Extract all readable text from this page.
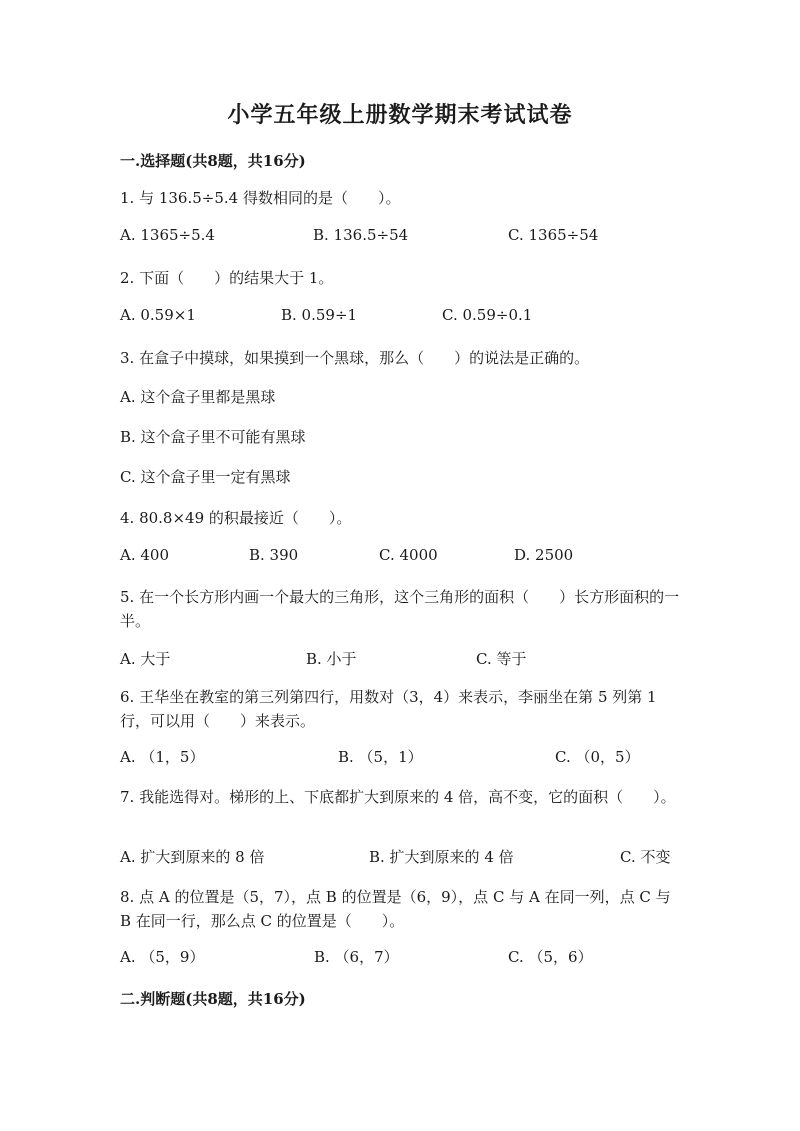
小学五年级上册数学期末考试试卷
一.选择题(共8题，共16分)
1. 与 136.5÷5.4 得数相同的是（　　）。
A. 1365÷5.4	B. 136.5÷54	C. 1365÷54
2. 下面（　　）的结果大于 1。
A. 0.59×1	B. 0.59÷1	C. 0.59÷0.1
3. 在盒子中摸球，如果摸到一个黑球，那么（　　）的说法是正确的。
A. 这个盒子里都是黑球
B. 这个盒子里不可能有黑球
C. 这个盒子里一定有黑球
4. 80.8×49 的积最接近（　　）。
A. 400	B. 390	C. 4000	D. 2500
5. 在一个长方形内画一个最大的三角形，这个三角形的面积（　　）长方形面积的一半。
A. 大于	B. 小于	C. 等于
6. 王华坐在教室的第三列第四行，用数对（3，4）来表示，李丽坐在第 5 列第 1 行，可以用（　　）来表示。
A. （1，5）	B. （5，1）	C. （0，5）
7. 我能选得对。梯形的上、下底都扩大到原来的 4 倍，高不变，它的面积（　　）。
A. 扩大到原来的 8 倍	B. 扩大到原来的 4 倍	C. 不变
8. 点 A 的位置是（5，7），点 B 的位置是（6，9），点 C 与 A 在同一列，点 C 与 B 在同一行，那么点 C 的位置是（　　）。
A. （5，9）	B. （6，7）	C. （5，6）
二.判断题(共8题，共16分)
